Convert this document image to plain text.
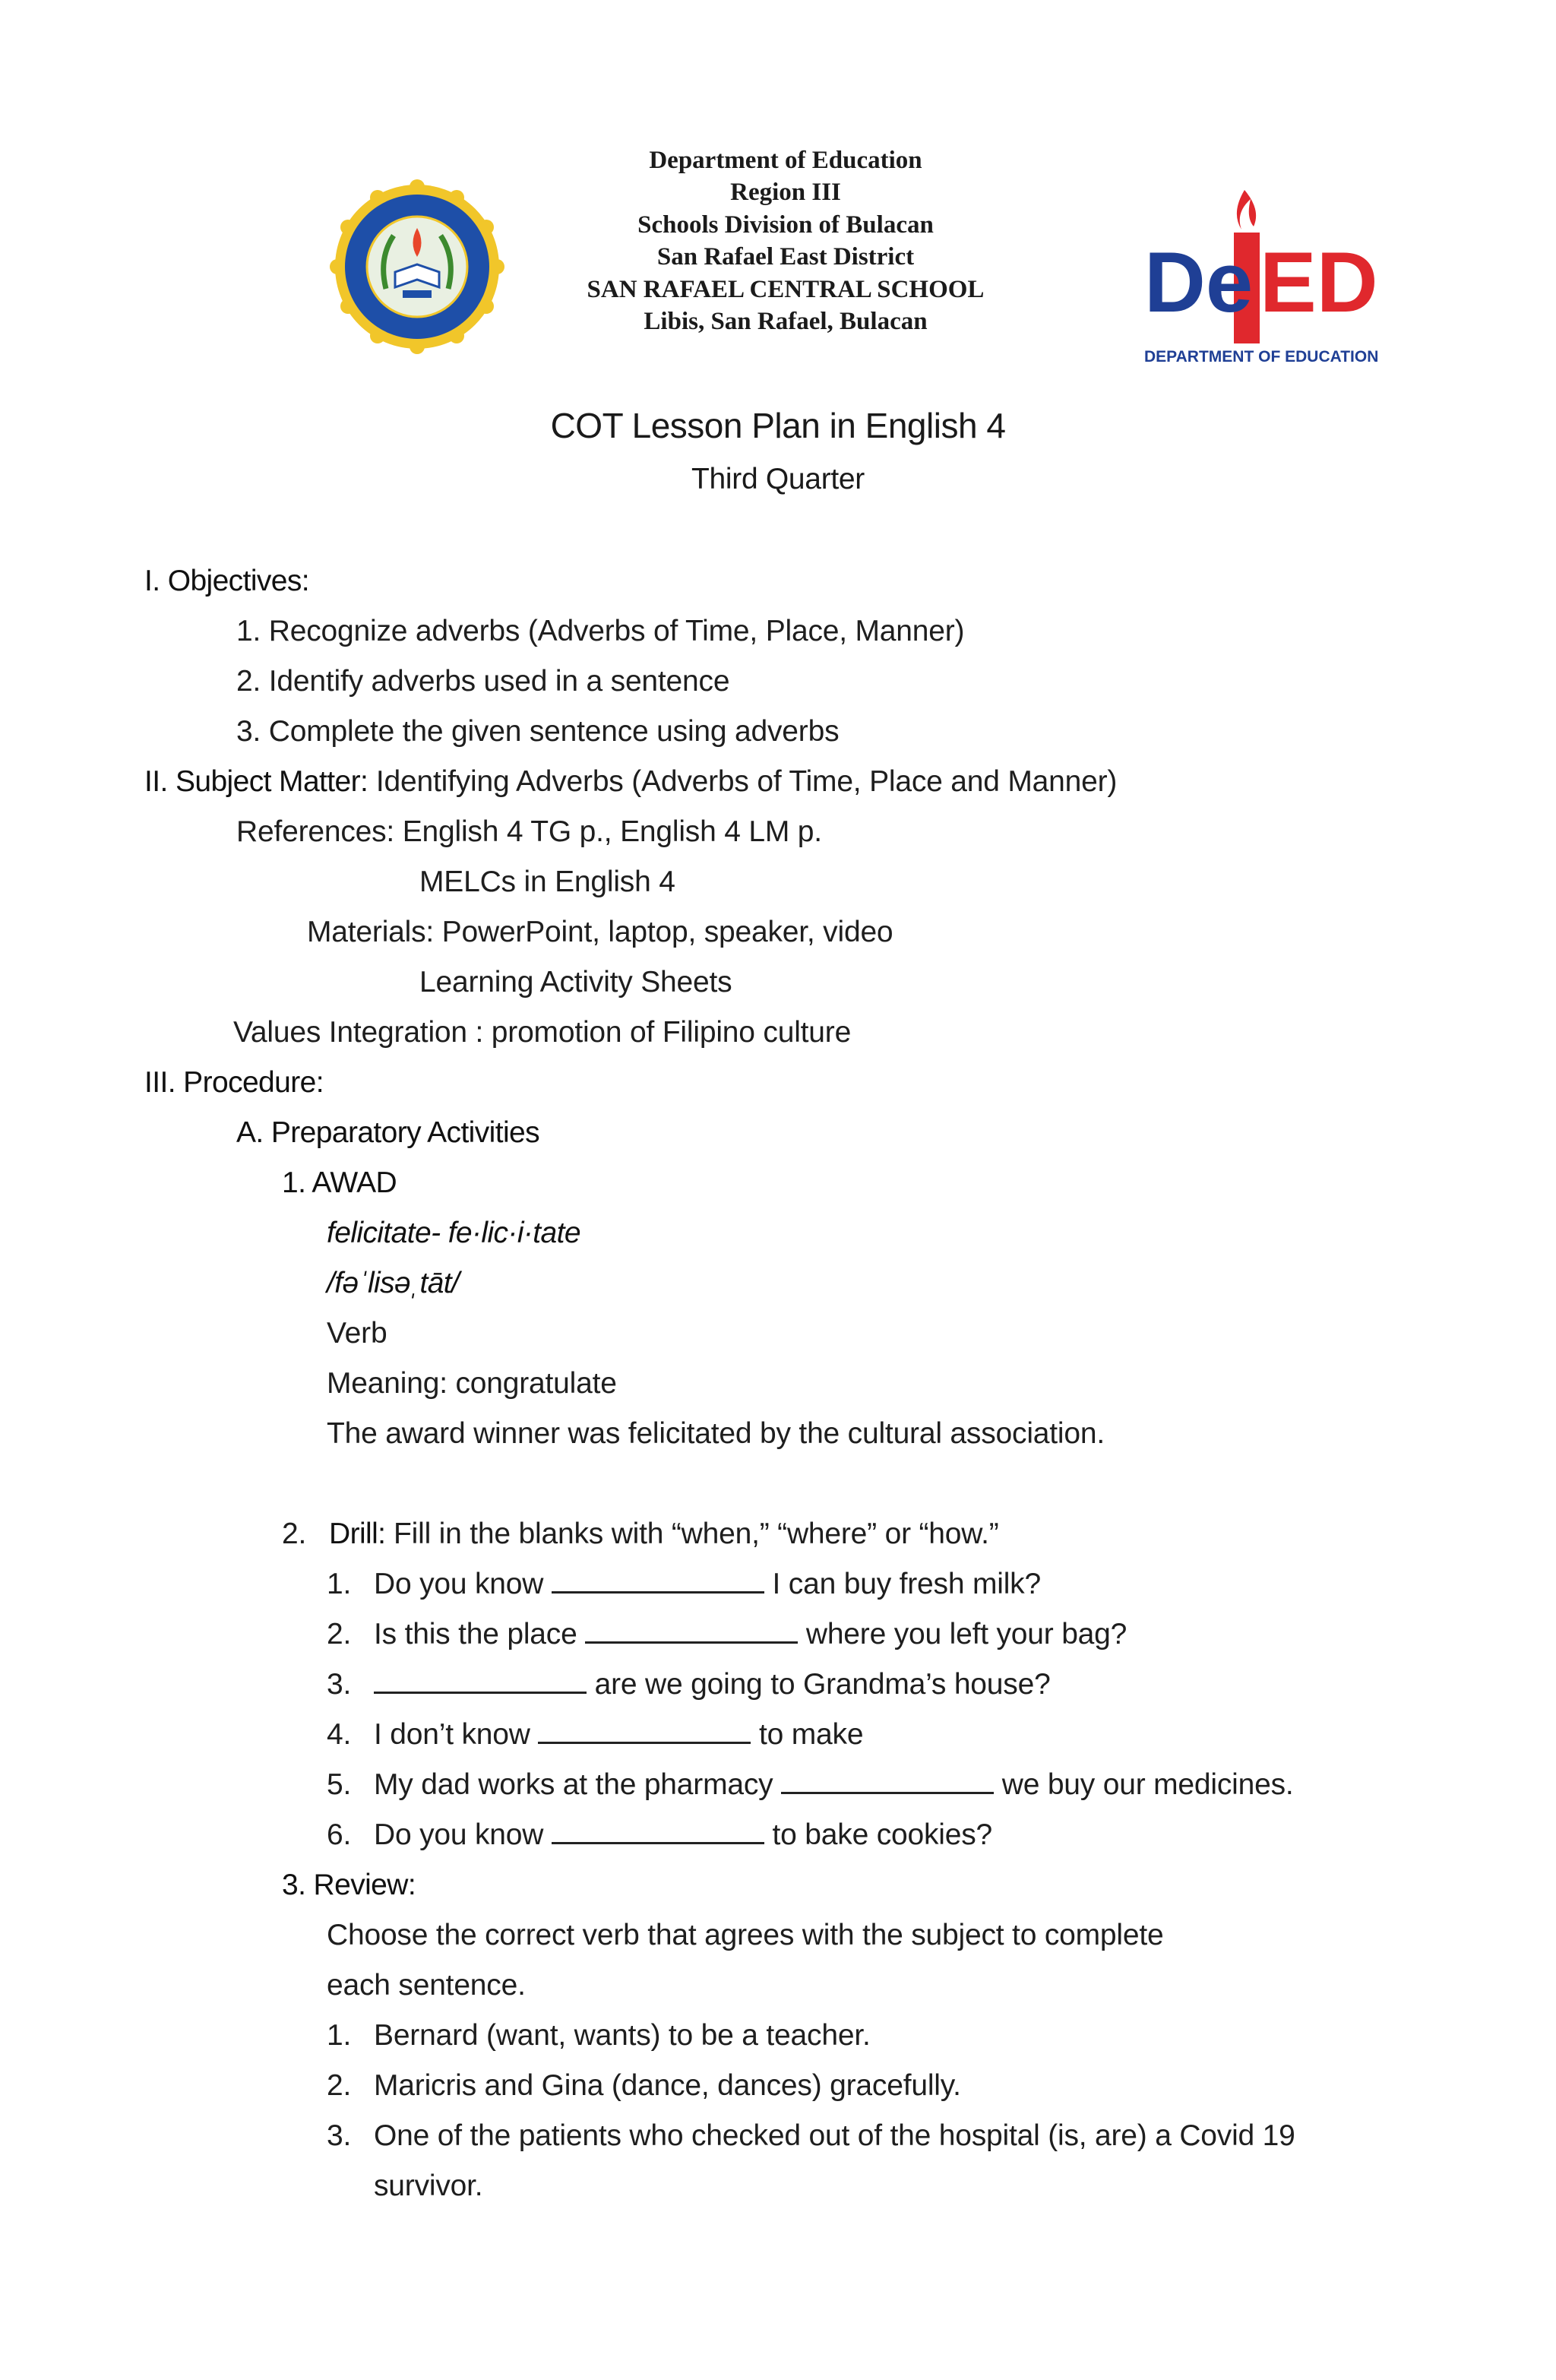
Department of Education
Region III
Schools Division of Bulacan
San Rafael East District
SAN RAFAEL CENTRAL SCHOOL
Libis, San Rafael, Bulacan	De ED
DEPARTMENT OF EDUCATION
COT Lesson Plan in English 4
Third Quarter
I. Objectives:
1. Recognize adverbs (Adverbs of Time, Place, Manner)
2. Identify adverbs used in a sentence
3. Complete the given sentence using adverbs
II. Subject Matter: Identifying Adverbs (Adverbs of Time, Place and Manner)
References: English 4 TG p., English 4 LM p.
MELCs in English 4
Materials: PowerPoint, laptop, speaker, video
Learning Activity Sheets
Values Integration : promotion of Filipino culture
III. Procedure:
A. Preparatory Activities
1. AWAD
felicitate- fe·lic·i·tate
/fəˈlisəˌtāt/
Verb
Meaning: congratulate
The award winner was felicitated by the cultural association.
2. Drill: Fill in the blanks with “when,” “where” or “how.”
1. Do you know	I can buy fresh milk?
2. Is this the place	where you left your bag?
3.	are we going to Grandma’s house?
4. I don’t know	to make
5. My dad works at the pharmacy	we buy our medicines.
6. Do you know	to bake cookies?
3. Review:
Choose the correct verb that agrees with the subject to complete
each sentence.
1. Bernard (want, wants) to be a teacher.
2. Maricris and Gina (dance, dances) gracefully.
3. One of the patients who checked out of the hospital (is, are) a Covid 19
survivor.
